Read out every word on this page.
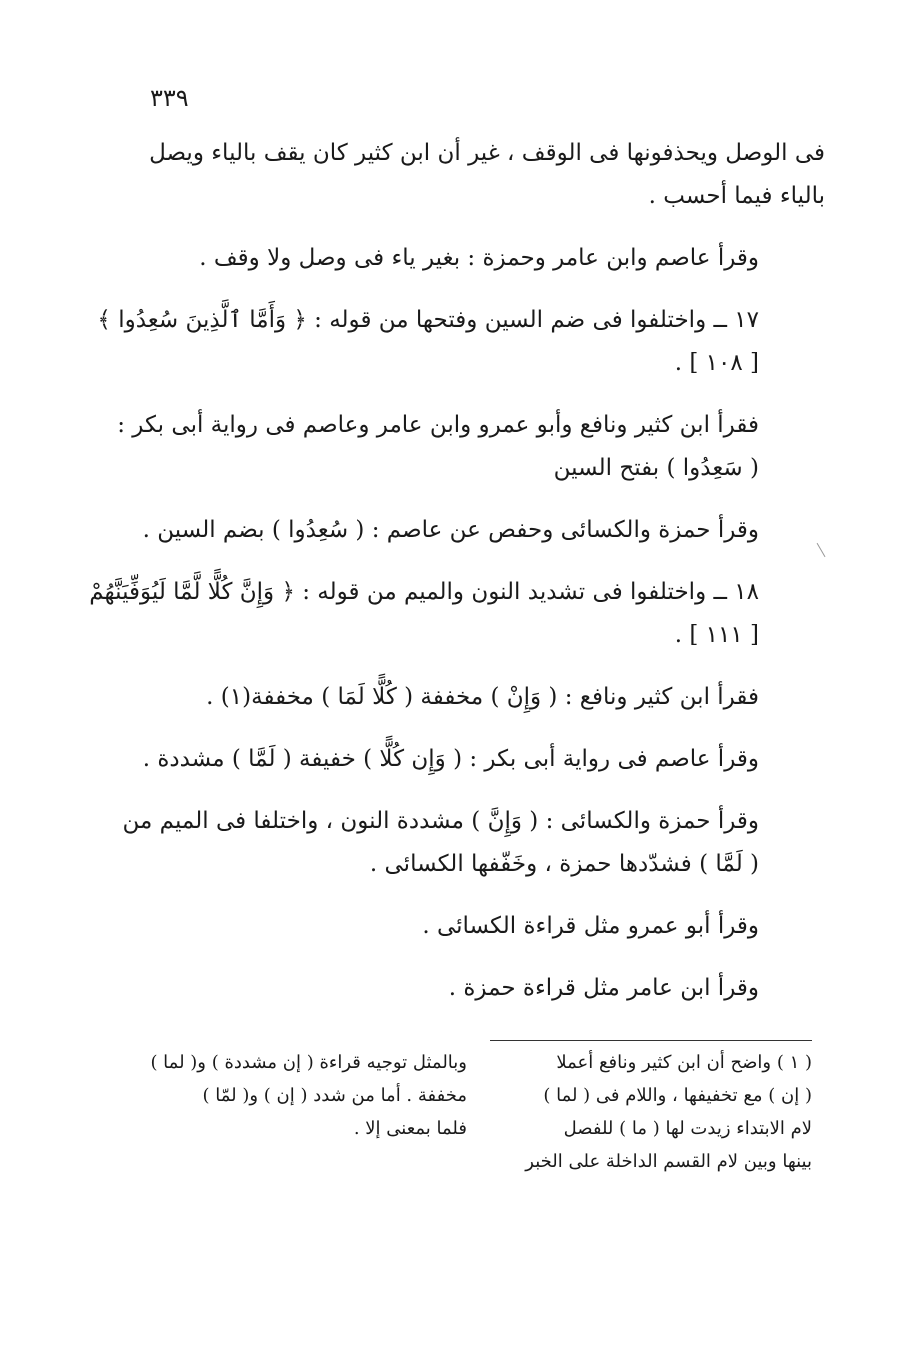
٣٣٩

فى الوصل ويحذفونها فى الوقف ، غير أن ابن كثير كان يقف بالياء ويصل
بالياء فيما أحسب .

وقرأ عاصم وابن عامر وحمزة : بغير ياء فى وصل ولا وقف .

١٧ ــ واختلفوا فى ضم السين وفتحها من قوله : ﴿ وَأَمَّا ٱلَّذِينَ سُعِدُوا ﴾
[ ١٠٨ ] .

فقرأ ابن كثير ونافع وأبو عمرو وابن عامر وعاصم فى رواية أبى بكر :
( سَعِدُوا ) بفتح السين

وقرأ حمزة والكسائى وحفص عن عاصم : ( سُعِدُوا ) بضم السين .

١٨ ــ واختلفوا فى تشديد النون والميم من قوله : ﴿ وَإِنَّ كُلًّا لَّمَّا لَيُوَفِّيَنَّهُمْ
[ ١١١ ] .

فقرأ ابن كثير ونافع : ( وَإِنْ ) مخففة ( كُلًّا لَمَا ) مخففة(١) .

وقرأ عاصم فى رواية أبى بكر : ( وَإِن كُلًّا ) خفيفة ( لَمَّا ) مشددة .

وقرأ حمزة والكسائى : ( وَإِنَّ ) مشددة النون ، واختلفا فى الميم من
( لَمَّا ) فشدّدها حمزة ، وخَفّفها الكسائى .

وقرأ أبو عمرو مثل قراءة الكسائى .

وقرأ ابن عامر مثل قراءة حمزة .

( ١ ) واضح أن ابن كثير ونافع أعملا
( إن ) مع تخفيفها ، واللام فى ( لما )
لام الابتداء زيدت لها ( ما ) للفصل
بينها وبين لام القسم الداخلة على الخبر
وبالمثل توجيه قراءة ( إن مشددة ) و( لما )
مخففة . أما من شدد ( إن ) و( لمّا )
فلما بمعنى إلا .
